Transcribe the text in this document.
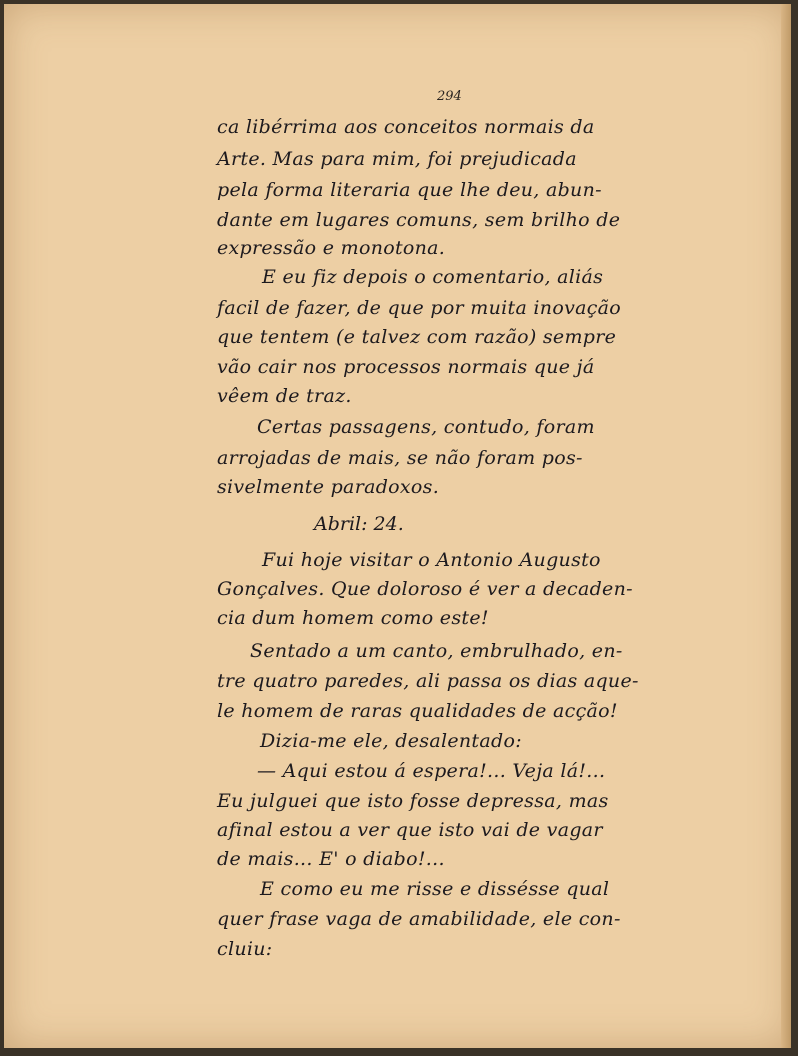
294
ca libérrima aos conceitos normais da
Arte. Mas para mim, foi prejudicada
pela forma literaria que lhe deu, abun-
dante em lugares comuns, sem brilho de
expressão e monotona.
E eu fiz depois o comentario, aliás
facil de fazer, de que por muita inovação
que tentem (e talvez com razão) sempre
vão cair nos processos normais que já
vêem de traz.
Certas passagens, contudo, foram
arrojadas de mais, se não foram pos-
sivelmente paradoxos.
Abril: 24.
Fui hoje visitar o Antonio Augusto
Gonçalves. Que doloroso é ver a decaden-
cia dum homem como este!
Sentado a um canto, embrulhado, en-
tre quatro paredes, ali passa os dias aque-
le homem de raras qualidades de acção!
Dizia-me ele, desalentado:
— Aqui estou á espera!... Veja lá!...
Eu julguei que isto fosse depressa, mas
afinal estou a ver que isto vai de vagar
de mais... E' o diabo!...
E como eu me risse e dissésse qual
quer frase vaga de amabilidade, ele con-
cluiu:
